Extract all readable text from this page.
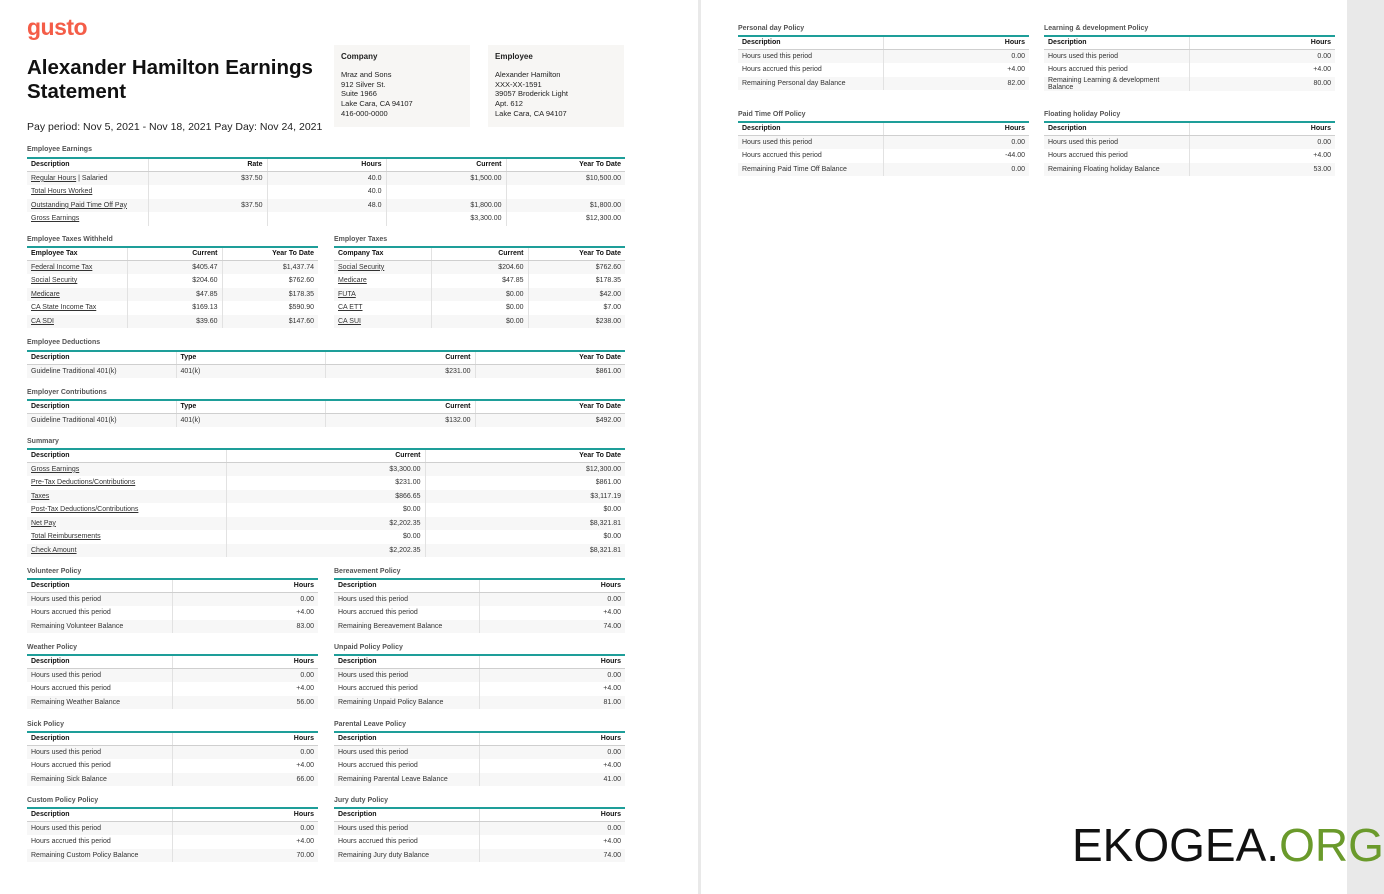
gusto
Alexander Hamilton Earnings Statement
Pay period: Nov 5, 2021 - Nov 18, 2021 Pay Day: Nov 24, 2021
Company
Mraz and Sons
912 Silver St.
Suite 1966
Lake Cara, CA 94107
416-000-0000
Employee
Alexander Hamilton
XXX-XX-1591
39057 Broderick Light
Apt. 612
Lake Cara, CA 94107
Employee Earnings
Description	Rate	Hours	Current	Year To Date
Regular Hours | Salaried	$37.50	40.0	$1,500.00	$10,500.00
Total Hours Worked		40.0		
Outstanding Paid Time Off Pay	$37.50	48.0	$1,800.00	$1,800.00
Gross Earnings			$3,300.00	$12,300.00
Employee Taxes Withheld
Employee Tax	Current	Year To Date
Federal Income Tax	$405.47	$1,437.74
Social Security	$204.60	$762.60
Medicare	$47.85	$178.35
CA State Income Tax	$169.13	$590.90
CA SDI	$39.60	$147.60
Employer Taxes
Company Tax	Current	Year To Date
Social Security	$204.60	$762.60
Medicare	$47.85	$178.35
FUTA	$0.00	$42.00
CA ETT	$0.00	$7.00
CA SUI	$0.00	$238.00
Employee Deductions
Description	Type	Current	Year To Date
Guideline Traditional 401(k)	401(k)	$231.00	$861.00
Employer Contributions
Description	Type	Current	Year To Date
Guideline Traditional 401(k)	401(k)	$132.00	$492.00
Summary
Description	Current	Year To Date
Gross Earnings	$3,300.00	$12,300.00
Pre-Tax Deductions/Contributions	$231.00	$861.00
Taxes	$866.65	$3,117.19
Post-Tax Deductions/Contributions	$0.00	$0.00
Net Pay	$2,202.35	$8,321.81
Total Reimbursements	$0.00	$0.00
Check Amount	$2,202.35	$8,321.81
Volunteer Policy
Description	Hours
Hours used this period	0.00
Hours accrued this period	+4.00
Remaining Volunteer Balance	83.00
Bereavement Policy
Description	Hours
Hours used this period	0.00
Hours accrued this period	+4.00
Remaining Bereavement Balance	74.00
Weather Policy
Description	Hours
Hours used this period	0.00
Hours accrued this period	+4.00
Remaining Weather Balance	56.00
Unpaid Policy Policy
Description	Hours
Hours used this period	0.00
Hours accrued this period	+4.00
Remaining Unpaid Policy Balance	81.00
Sick Policy
Description	Hours
Hours used this period	0.00
Hours accrued this period	+4.00
Remaining Sick Balance	66.00
Parental Leave Policy
Description	Hours
Hours used this period	0.00
Hours accrued this period	+4.00
Remaining Parental Leave Balance	41.00
Custom Policy Policy
Description	Hours
Hours used this period	0.00
Hours accrued this period	+4.00
Remaining Custom Policy Balance	70.00
Jury duty Policy
Description	Hours
Hours used this period	0.00
Hours accrued this period	+4.00
Remaining Jury duty Balance	74.00
Personal day Policy
Description	Hours
Hours used this period	0.00
Hours accrued this period	+4.00
Remaining Personal day Balance	82.00
Learning & development Policy
Description	Hours
Hours used this period	0.00
Hours accrued this period	+4.00
Remaining Learning & development Balance	80.00
Paid Time Off Policy
Description	Hours
Hours used this period	0.00
Hours accrued this period	-44.00
Remaining Paid Time Off Balance	0.00
Floating holiday Policy
Description	Hours
Hours used this period	0.00
Hours accrued this period	+4.00
Remaining Floating holiday Balance	53.00
EKOGEA.ORG
